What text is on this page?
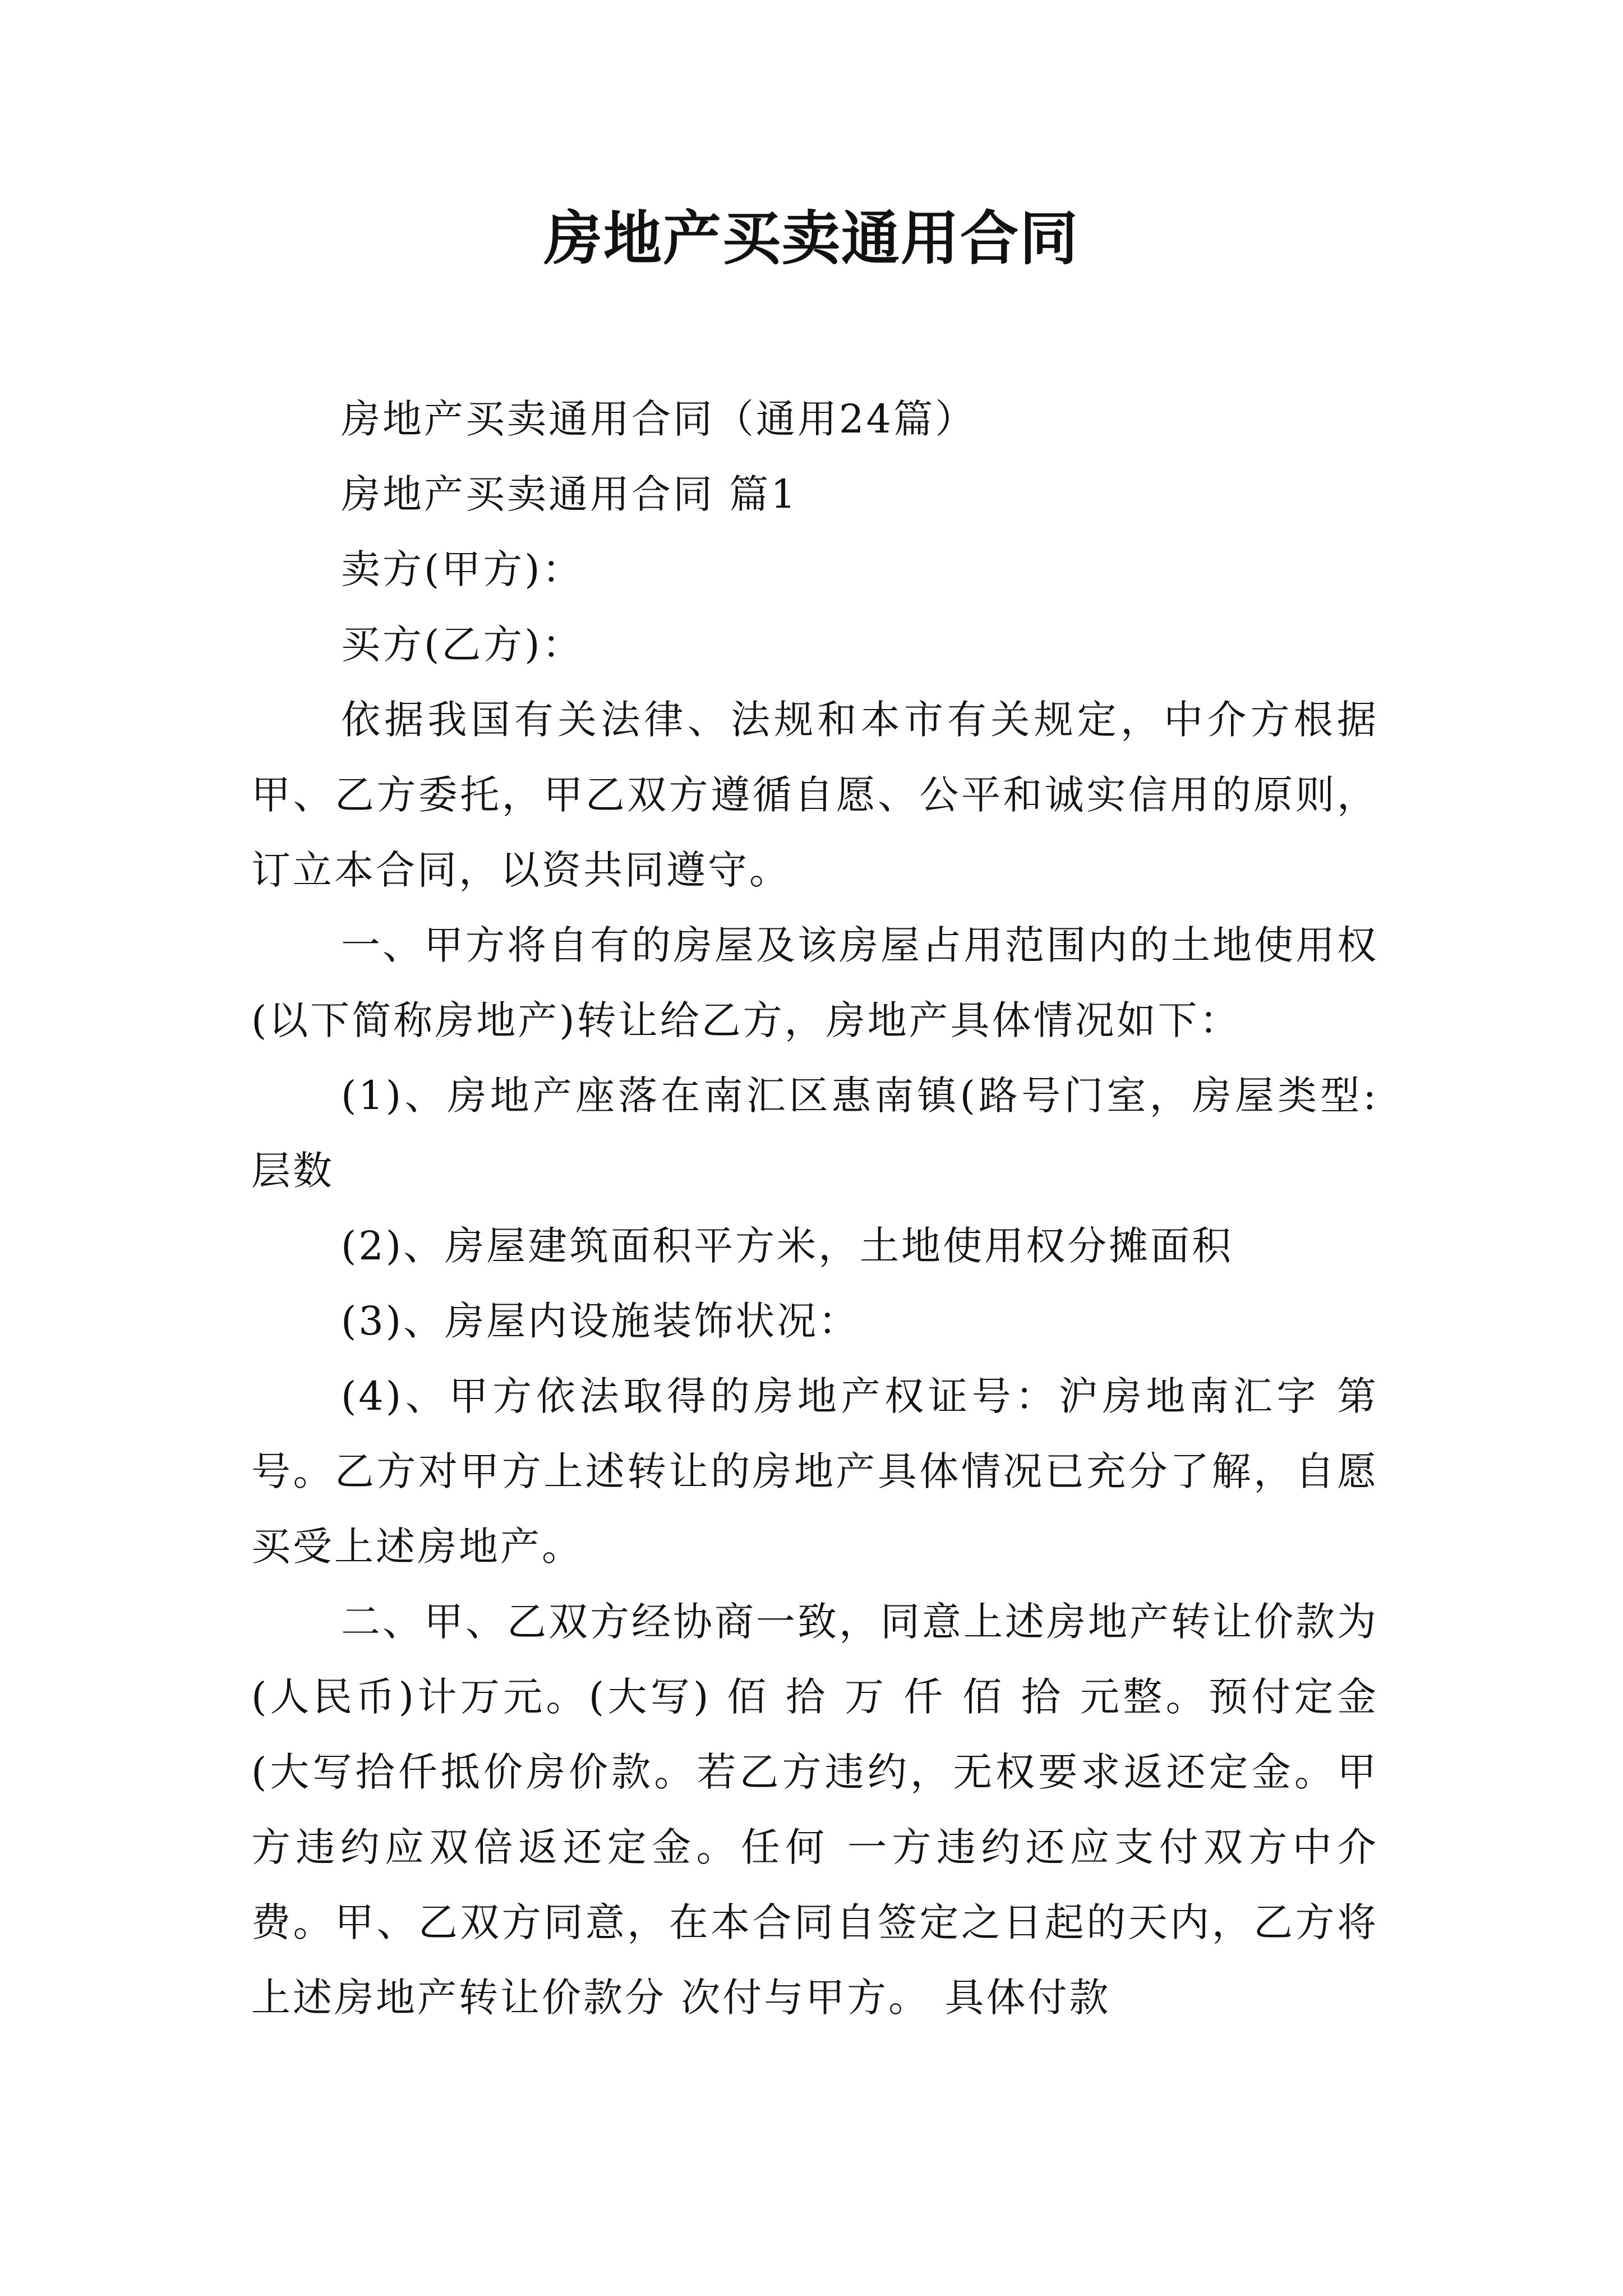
房地产买卖通用合同

房地产买卖通用合同（通用24篇）

房地产买卖通用合同 篇1

卖方(甲方)：

买方(乙方)：

依据我国有关法律、法规和本市有关规定，中介方根据甲、乙方委托，甲乙双方遵循自愿、公平和诚实信用的原则，订立本合同，以资共同遵守。

一、甲方将自有的房屋及该房屋占用范围内的土地使用权(以下简称房地产)转让给乙方，房地产具体情况如下：

(1)、房地产座落在南汇区惠南镇(路号门室，房屋类型:层数

(2)、房屋建筑面积平方米，土地使用权分摊面积

(3)、房屋内设施装饰状况：

(4)、甲方依法取得的房地产权证号：沪房地南汇字 第号。乙方对甲方上述转让的房地产具体情况已充分了解，自愿买受上述房地产。

二、甲、乙双方经协商一致，同意上述房地产转让价款为(人民币)计万元。(大写) 佰 拾 万 仟 佰 拾 元整。预付定金(大写拾仟抵价房价款。若乙方违约，无权要求返还定金。甲方违约应双倍返还定金。任何 一方违约还应支付双方中介费。甲、乙双方同意，在本合同自签定之日起的天内，乙方将上述房地产转让价款分 次付与甲方。 具体付款
